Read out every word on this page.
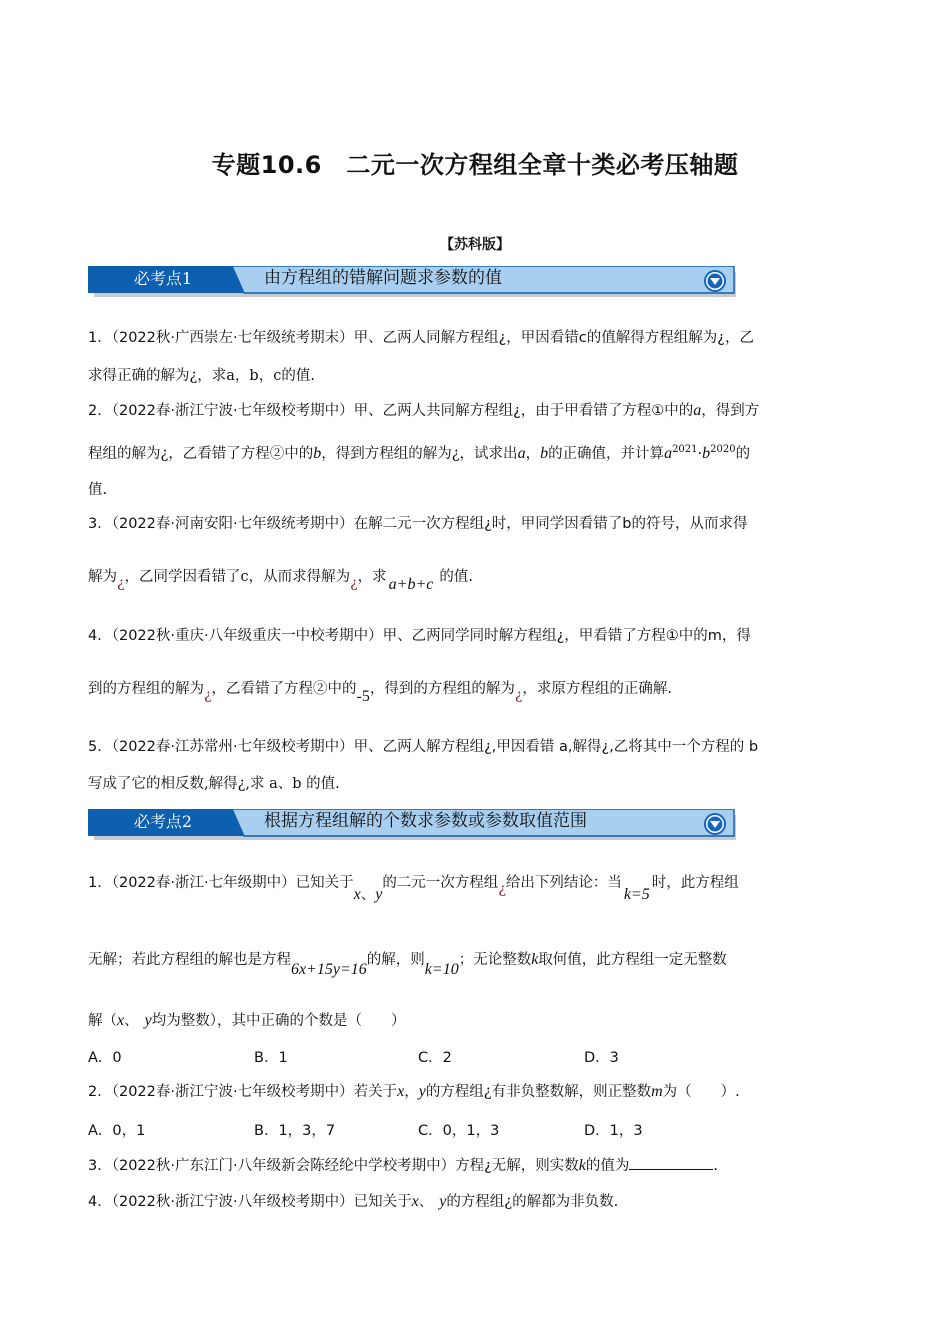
专题10.6　二元一次方程组全章十类必考压轴题
【苏科版】
必考点1	由方程组的错解问题求参数的值
1．（2022秋·广西崇左·七年级统考期末）甲、乙两人同解方程组¿，甲因看错c的值解得方程组解为¿，乙
求得正确的解为¿，求a，b，c的值.
2．（2022春·浙江宁波·七年级校考期中）甲、乙两人共同解方程组¿，由于甲看错了方程①中的a，得到方
程组的解为¿，乙看错了方程②中的b，得到方程组的解为¿，试求出a，b的正确值，并计算$a^{2021}\cdot b^{2020}$的
值.
3．（2022春·河南安阳·七年级统考期中）在解二元一次方程组¿时，甲同学因看错了b的符号，从而求得
解为¿，乙同学因看错了c，从而求得解为¿，求 a+b+c 的值.
4．（2022秋·重庆·八年级重庆一中校考期中）甲、乙两同学同时解方程组¿，甲看错了方程①中的m，得
到的方程组的解为¿，乙看错了方程②中的-5，得到的方程组的解为¿，求原方程组的正确解.
5．（2022春·江苏常州·七年级校考期中）甲、乙两人解方程组¿,甲因看错 a,解得¿,乙将其中一个方程的 b
写成了它的相反数,解得¿,求 a、b 的值.
必考点2	根据方程组解的个数求参数或参数取值范围
1．（2022春·浙江·七年级期中）已知关于x、y的二元一次方程组¿给出下列结论：当k=5时，此方程组
无解；若此方程组的解也是方程6x+15y=16的解，则k=10；无论整数k取何值，此方程组一定无整数
解（x、 y均为整数），其中正确的个数是（　　）
A．0	B．1	C．2	D．3
2．（2022春·浙江宁波·七年级校考期中）若关于x，y的方程组¿有非负整数解，则正整数m为（　　）.
A．0，1	B．1，3，7	C．0，1，3	D．1，3
3．（2022秋·广东江门·八年级新会陈经纶中学校考期中）方程¿无解，则实数k的值为	.
4．（2022秋·浙江宁波·八年级校考期中）已知关于x、 y的方程组¿的解都为非负数.
